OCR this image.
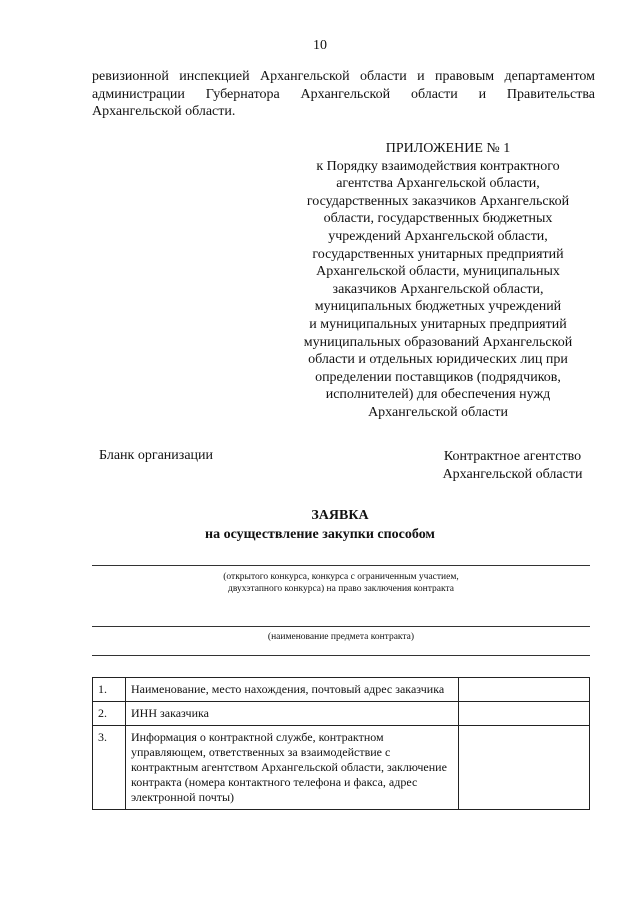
10
ревизионной инспекцией Архангельской области и правовым департаментом
администрации Губернатора Архангельской области и Правительства
Архангельской области.
ПРИЛОЖЕНИЕ № 1
к Порядку взаимодействия контрактного
агентства Архангельской области,
государственных заказчиков Архангельской
области, государственных бюджетных
учреждений Архангельской области,
государственных унитарных предприятий
Архангельской области, муниципальных
заказчиков Архангельской области,
муниципальных бюджетных учреждений
и муниципальных унитарных предприятий
муниципальных образований Архангельской
области и отдельных юридических лиц при
определении поставщиков (подрядчиков,
исполнителей) для обеспечения нужд
Архангельской области
Бланк организации	Контрактное агентство
Архангельской области
ЗАЯВКА
на осуществление закупки способом
(открытого конкурса, конкурса с ограниченным участием,
двухэтапного конкурса) на право заключения контракта
(наименование предмета контракта)
1.	Наименование, место нахождения, почтовый адрес заказчика	
2.	ИНН заказчика	
3.	Информация о контрактной службе, контрактном управляющем, ответственных за взаимодействие с контрактным агентством Архангельской области, заключение контракта (номера контактного телефона и факса, адрес электронной почты)	
